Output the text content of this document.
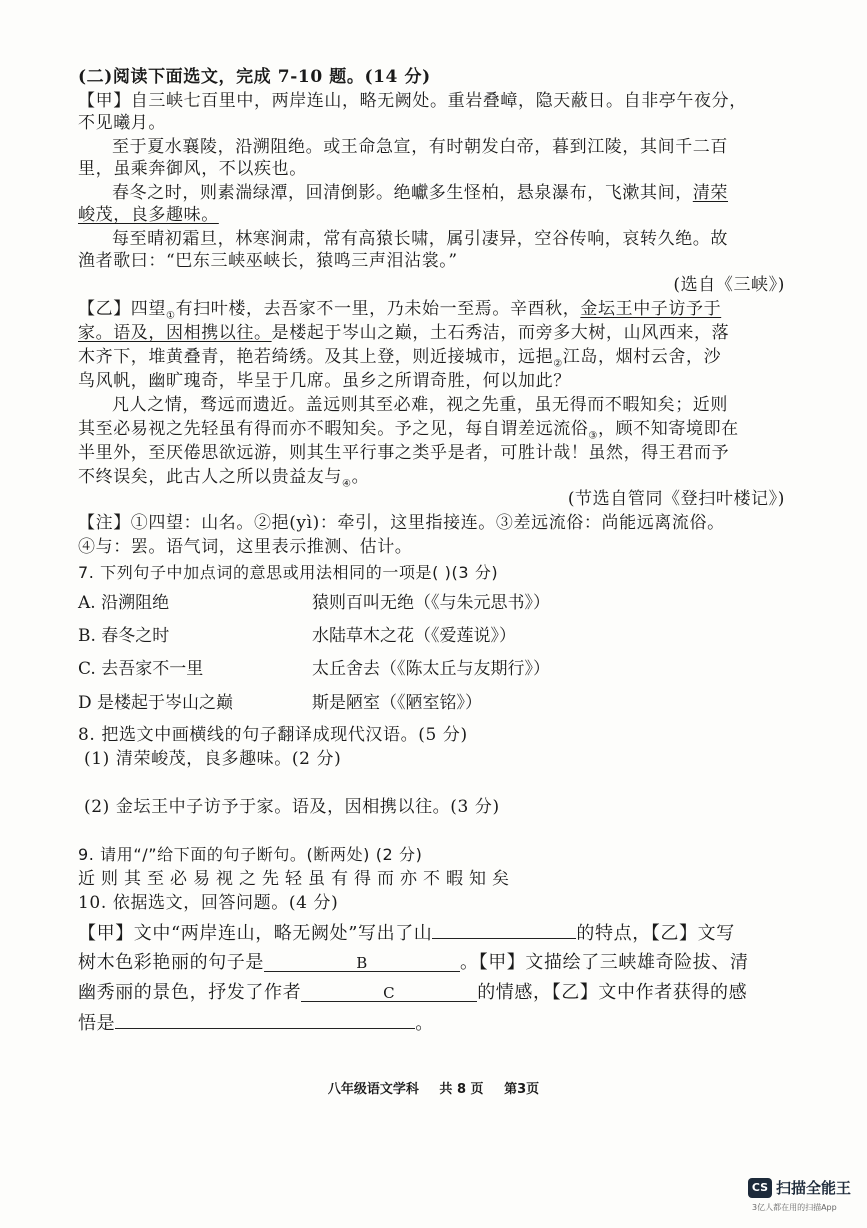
(二)阅读下面选文，完成 7-10 题。(14 分)
【甲】自三峡七百里中，两岸连山，略无阙处。重岩叠嶂，隐天蔽日。自非亭午夜分，
不见曦月。
至于夏水襄陵，沿溯阻绝。或王命急宣，有时朝发白帝，暮到江陵，其间千二百
里，虽乘奔御风，不以疾也。
春冬之时，则素湍绿潭，回清倒影。绝巘多生怪柏，悬泉瀑布，飞漱其间，清荣
峻茂，良多趣味。
每至晴初霜旦，林寒涧肃，常有高猿长啸，属引凄异，空谷传响，哀转久绝。故
渔者歌曰：“巴东三峡巫峡长，猿鸣三声泪沾裳。”
(选自《三峡》)
【乙】四望$_①$有扫叶楼，去吾家不一里，乃未始一至焉。辛酉秋，金坛王中子访予于
家。语及，因相携以往。是楼起于岑山之巅，土石秀洁，而旁多大树，山风西来，落
木齐下，堆黄叠青，艳若绮绣。及其上登，则近接城市，远挹$_②$江岛，烟村云舍，沙
鸟风帆，幽旷瑰奇，毕呈于几席。虽乡之所谓奇胜，何以加此？
凡人之情，骛远而遗近。盖远则其至必难，视之先重，虽无得而不暇知矣；近则
其至必易视之先轻虽有得而亦不暇知矣。予之见，每自谓差远流俗$_③$，顾不知寄境即在
半里外，至厌倦思欲远游，则其生平行事之类乎是者，可胜计哉！虽然，得王君而予
不终误矣，此古人之所以贵益友与$_④$。
(节选自管同《登扫叶楼记》)
【注】①四望：山名。②挹(yì)：牵引，这里指接连。③差远流俗：尚能远离流俗。
④与：罢。语气词，这里表示推测、估计。
7. 下列句子中加点词的意思或用法相同的一项是( )(3 分)
A. 沿溯阻绝	猿则百叫无绝（《与朱元思书》）
B. 春冬之时	水陆草木之花（《爱莲说》）
C. 去吾家不一里	太丘舍去（《陈太丘与友期行》）
D 是楼起于岑山之巅	斯是陋室（《陋室铭》）
8. 把选文中画横线的句子翻译成现代汉语。(5 分)
(1) 清荣峻茂，良多趣味。(2 分)
(2) 金坛王中子访予于家。语及，因相携以往。(3 分)
9. 请用“/”给下面的句子断句。(断两处) (2 分)
近则其至必易视之先轻虽有得而亦不暇知矣
10. 依据选文，回答问题。(4 分)
【甲】文中“两岸连山，略无阙处”写出了山	的特点，【乙】文写
树木色彩艳丽的句子是	B	。【甲】文描绘了三峡雄奇险拔、清
幽秀丽的景色，抒发了作者	C	的情感，【乙】文中作者获得的感
悟是	。
八年级语文学科 共 8 页 第3页
CS 扫描全能王
3亿人都在用的扫描App
